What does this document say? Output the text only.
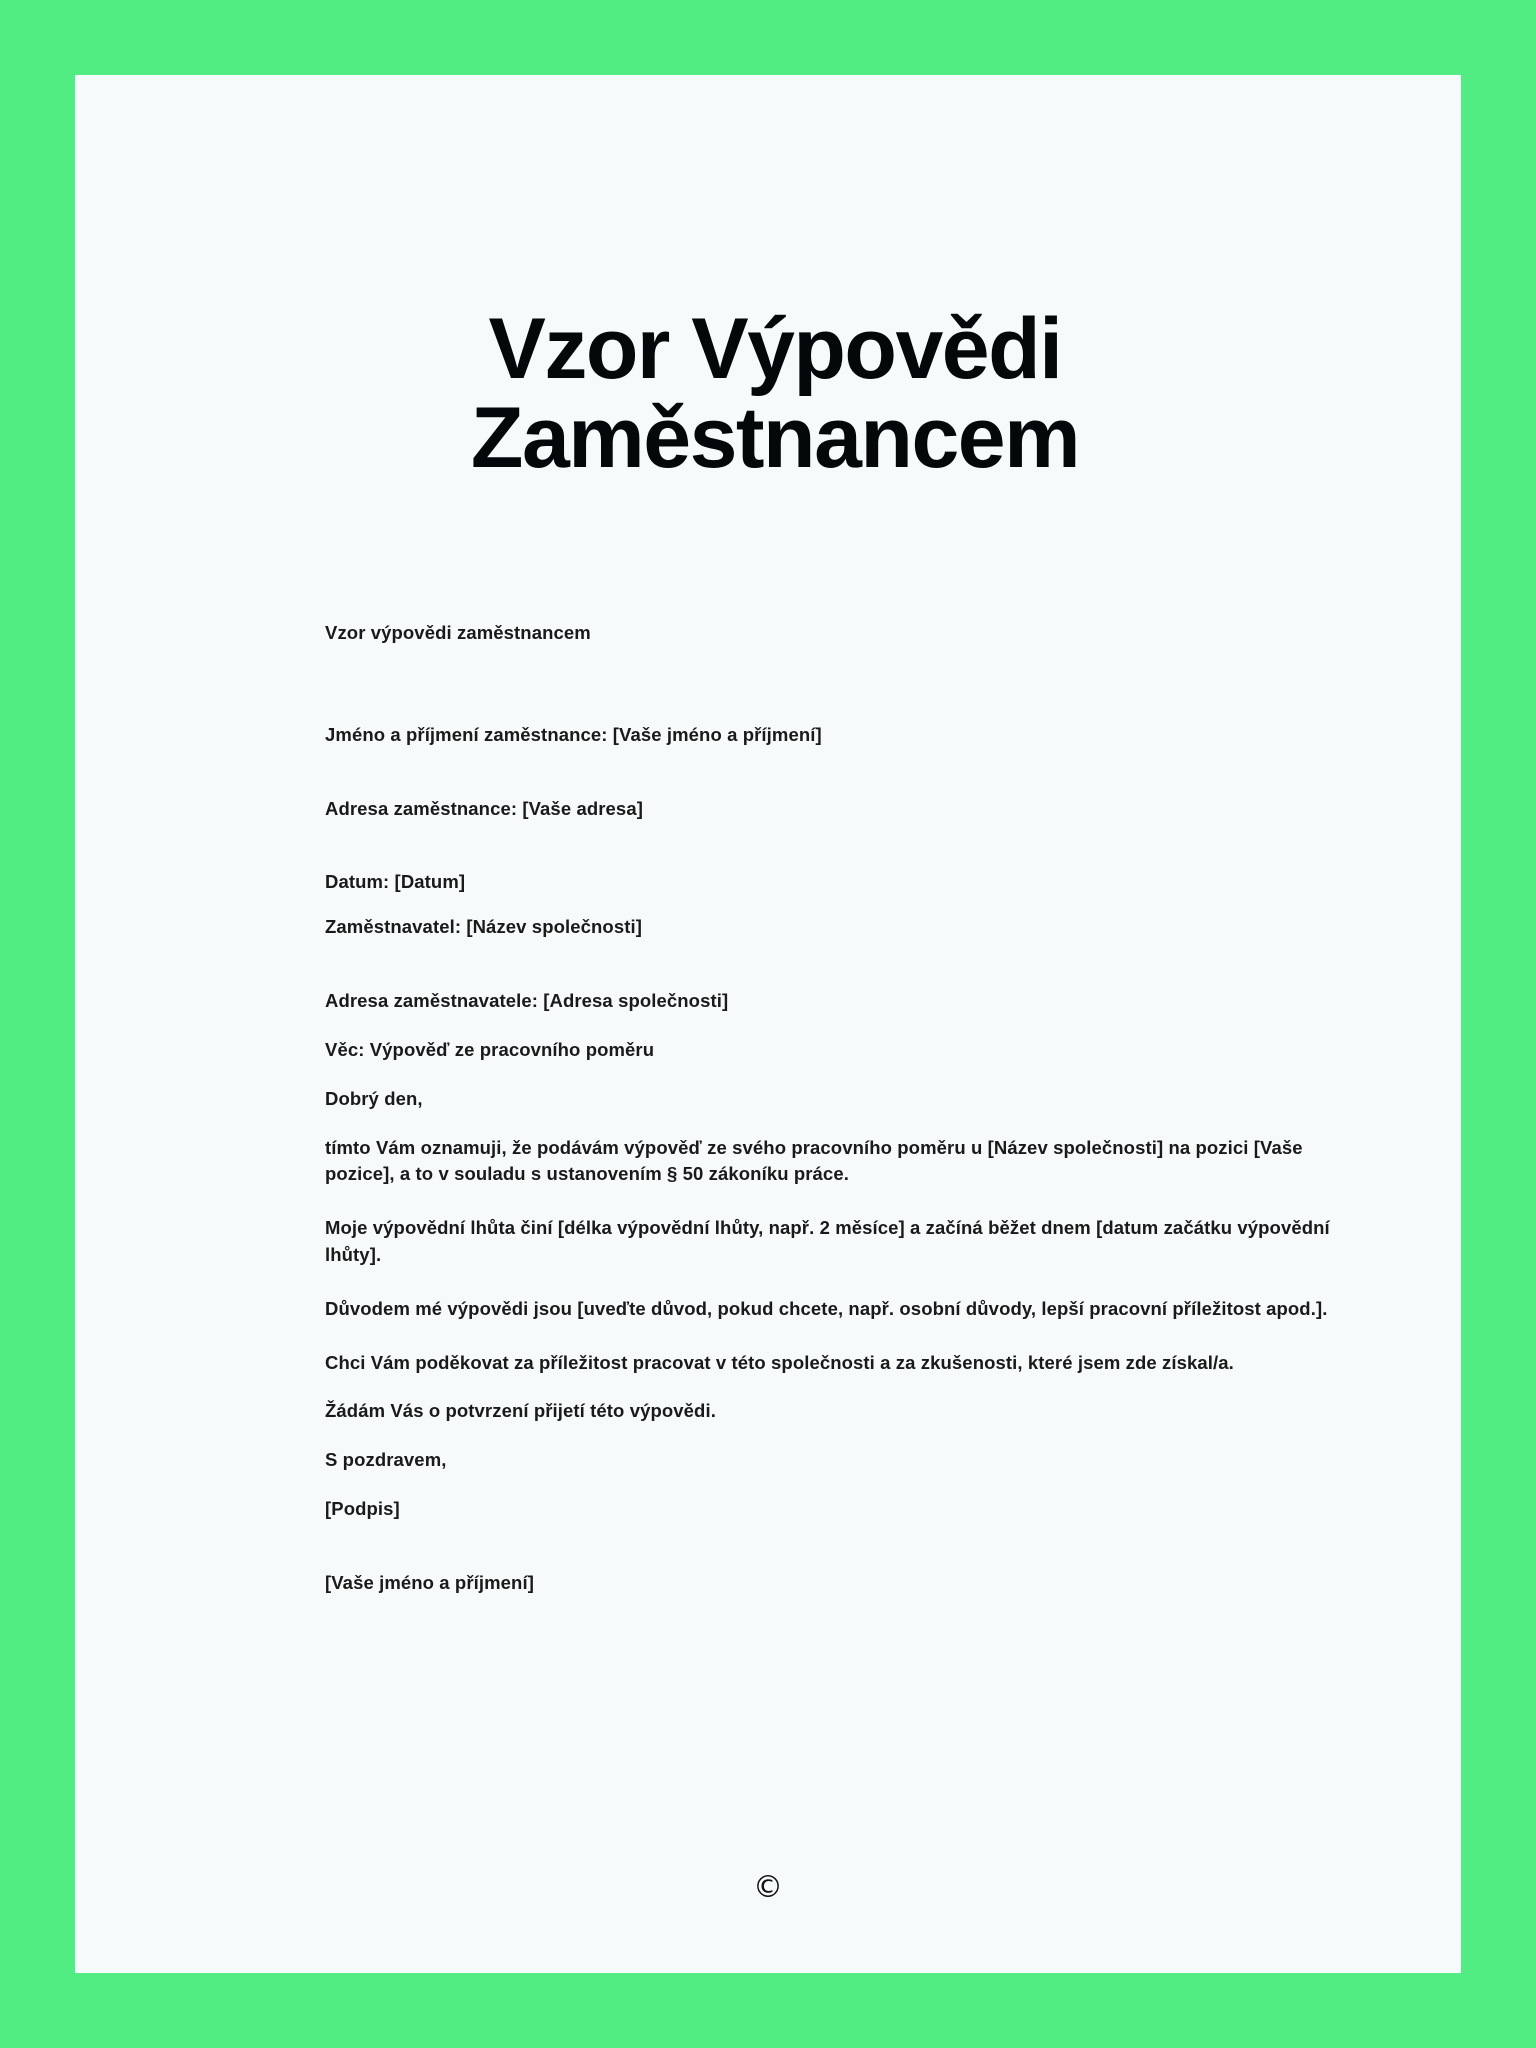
Vzor Výpovědi Zaměstnancem

Vzor výpovědi zaměstnancem

Jméno a příjmení zaměstnance: [Vaše jméno a příjmení]

Adresa zaměstnance: [Vaše adresa]

Datum: [Datum]

Zaměstnavatel: [Název společnosti]

Adresa zaměstnavatele: [Adresa společnosti]

Věc: Výpověď ze pracovního poměru

Dobrý den,

tímto Vám oznamuji, že podávám výpověď ze svého pracovního poměru u [Název společnosti] na pozici [Vaše pozice], a to v souladu s ustanovením § 50 zákoníku práce.

Moje výpovědní lhůta činí [délka výpovědní lhůty, např. 2 měsíce] a začíná běžet dnem [datum začátku výpovědní lhůty].

Důvodem mé výpovědi jsou [uveďte důvod, pokud chcete, např. osobní důvody, lepší pracovní příležitost apod.].

Chci Vám poděkovat za příležitost pracovat v této společnosti a za zkušenosti, které jsem zde získal/a.

Žádám Vás o potvrzení přijetí této výpovědi.

S pozdravem,

[Podpis]

[Vaše jméno a příjmení]

©
